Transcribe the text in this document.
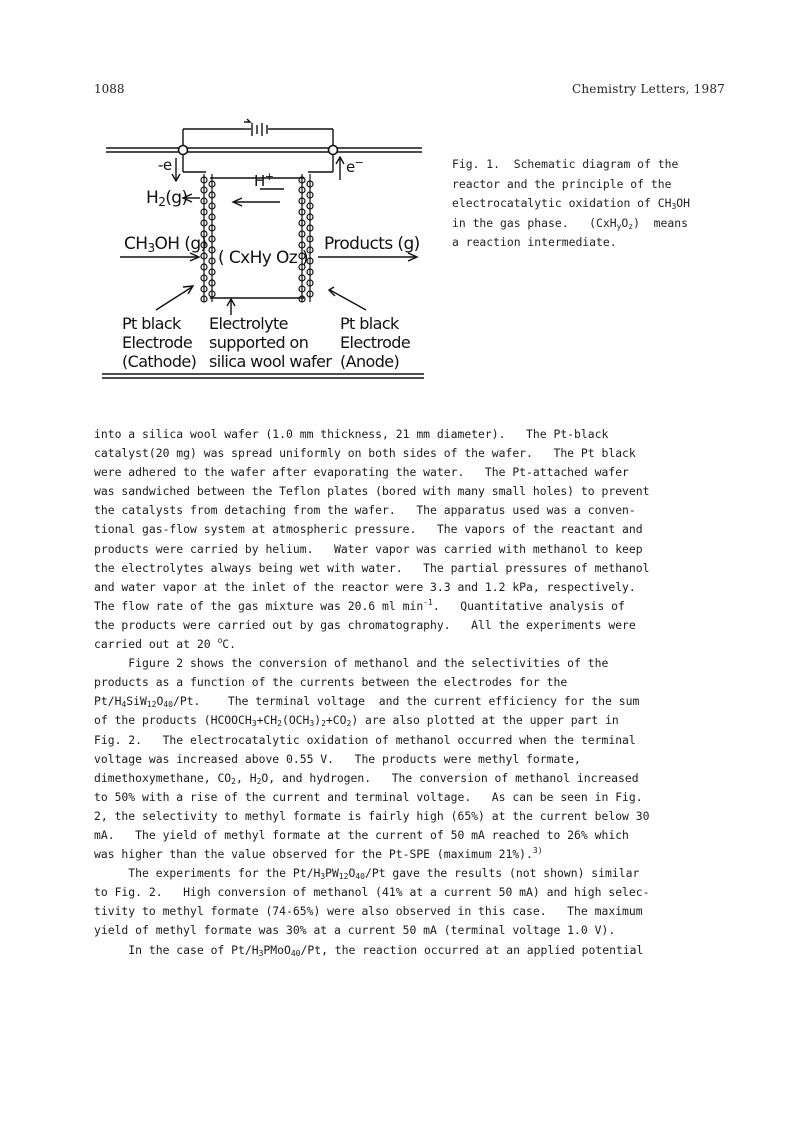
1088	Chemistry Letters, 1987
-e	e−
H+
$H_2(g)$
$CH_3OH$ (g)
( CxHy Oz )
Products (g)
Pt black
Electrode
(Cathode)
Electrolyte
supported on
silica wool wafer
Pt black
Electrode
(Anode)

Fig. 1.  Schematic diagram of the

reactor and the principle of the

electrocatalytic oxidation of $CH_3OH$

in the gas phase.   $(CxH_yO_z)$  means

a reaction intermediate.

into a silica wool wafer (1.0 mm thickness, 21 mm diameter).   The Pt-black

catalyst(20 mg) was spread uniformly on both sides of the wafer.   The Pt black

were adhered to the wafer after evaporating the water.   The Pt-attached wafer

was sandwiched between the Teflon plates (bored with many small holes) to prevent

the catalysts from detaching from the wafer.   The apparatus used was a conven-

tional gas-flow system at atmospheric pressure.   The vapors of the reactant and

products were carried by helium.   Water vapor was carried with methanol to keep

the electrolytes always being wet with water.   The partial pressures of methanol

and water vapor at the inlet of the reactor were 3.3 and 1.2 kPa, respectively.

The flow rate of the gas mixture was 20.6 ml $\min^{-1}$.   Quantitative analysis of

the products were carried out by gas chromatography.   All the experiments were

carried out at 20 $^o$C.

Figure 2 shows the conversion of methanol and the selectivities of the

products as a function of the currents between the electrodes for the

$Pt/H_4SiW_{12}O_{40}/Pt$.    The terminal voltage  and the current efficiency for the sum

of the products $(HCOOCH_3+CH_2(OCH_3)_2+CO_2)$ are also plotted at the upper part in

Fig. 2.   The electrocatalytic oxidation of methanol occurred when the terminal

voltage was increased above 0.55 V.   The products were methyl formate,

dimethoxymethane, $CO_2$, $H_2O$, and hydrogen.   The conversion of methanol increased

to 50% with a rise of the current and terminal voltage.   As can be seen in Fig.

2, the selectivity to methyl formate is fairly high (65%) at the current below 30

mA.   The yield of methyl formate at the current of 50 mA reached to 26% which

was higher than the value observed for the Pt-SPE (maximum 21%).$^{3)}$

The experiments for the $Pt/H_3PW_{12}O_{40}/Pt$ gave the results (not shown) similar

to Fig. 2.   High conversion of methanol (41% at a current 50 mA) and high selec-

tivity to methyl formate (74-65%) were also observed in this case.   The maximum

yield of methyl formate was 30% at a current 50 mA (terminal voltage 1.0 V).

In the case of $Pt/H_3PMoO_{40}/Pt$, the reaction occurred at an applied potential
